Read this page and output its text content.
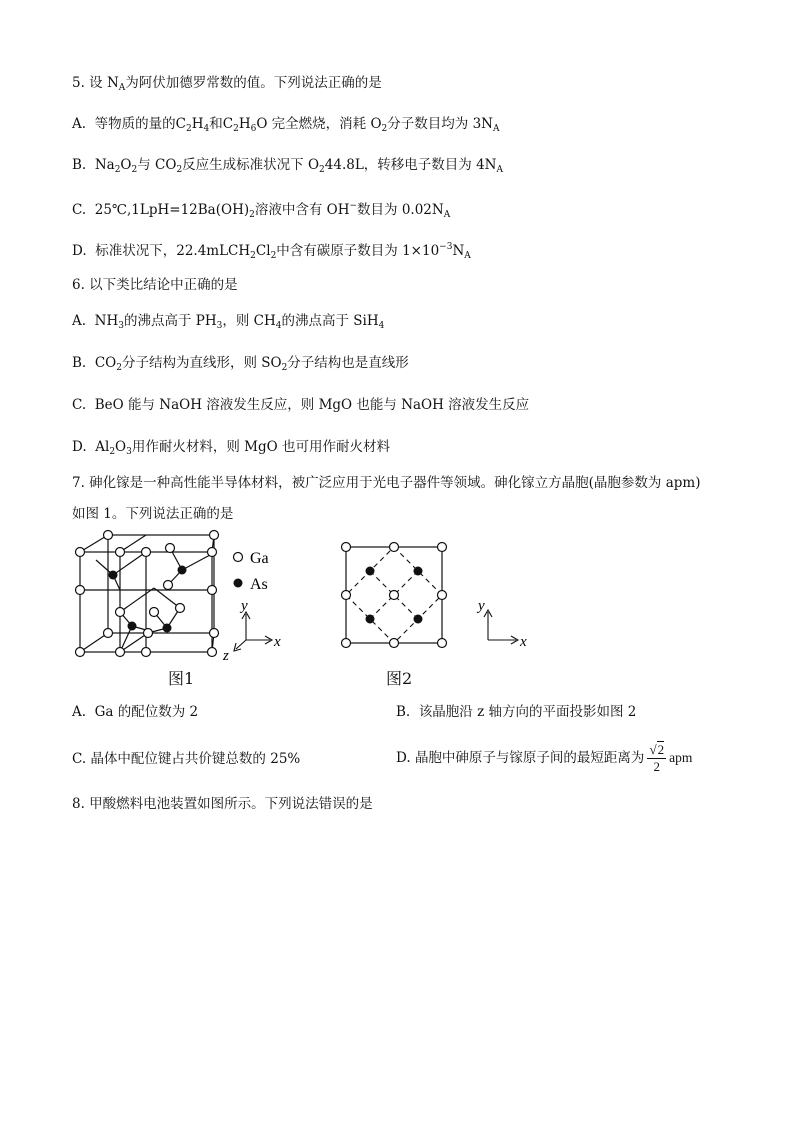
5. 设 $N_A$为阿伏加德罗常数的值。下列说法正确的是
A. 等物质的量的$C_2H_4$和$C_2H_6O$ 完全燃烧，消耗 $O_2$分子数目均为 $3N_A$
B. $Na_2O_2$与 $CO_2$反应生成标准状况下 $O_244.8L$，转移电子数目为 $4N_A$
C. $25℃,1LpH=12Ba(OH)_2$溶液中含有 OH−数目为 $0.02N_A$
D. 标准状况下，$22.4mLCH_2Cl_2$中含有碳原子数目为 $1\times 10^{-3}N_A$
6. 以下类比结论中正确的是
A. $NH_3$的沸点高于 $PH_3$，则 $CH_4$的沸点高于 SiH$_4$
B. $CO_2$分子结构为直线形，则 $SO_2$分子结构也是直线形
C. BeO 能与 NaOH 溶液发生反应，则 MgO 也能与 NaOH 溶液发生反应
D. $Al_2O_3$用作耐火材料，则 MgO 也可用作耐火材料
7. 砷化镓是一种高性能半导体材料，被广泛应用于光电子器件等领域。砷化镓立方晶胞(晶胞参数为 apm)
如图 1。下列说法正确的是
Ga
As
y
x
z
图1
y
x
图2
A. Ga 的配位数为 2	B. 该晶胞沿 z 轴方向的平面投影如图 2
C. 晶体中配位键占共价键总数的 25%	D. 晶胞中砷原子与镓原子间的最短距离为 $\frac{√2}{2}$ apm
8. 甲酸燃料电池装置如图所示。下列说法错误的是
